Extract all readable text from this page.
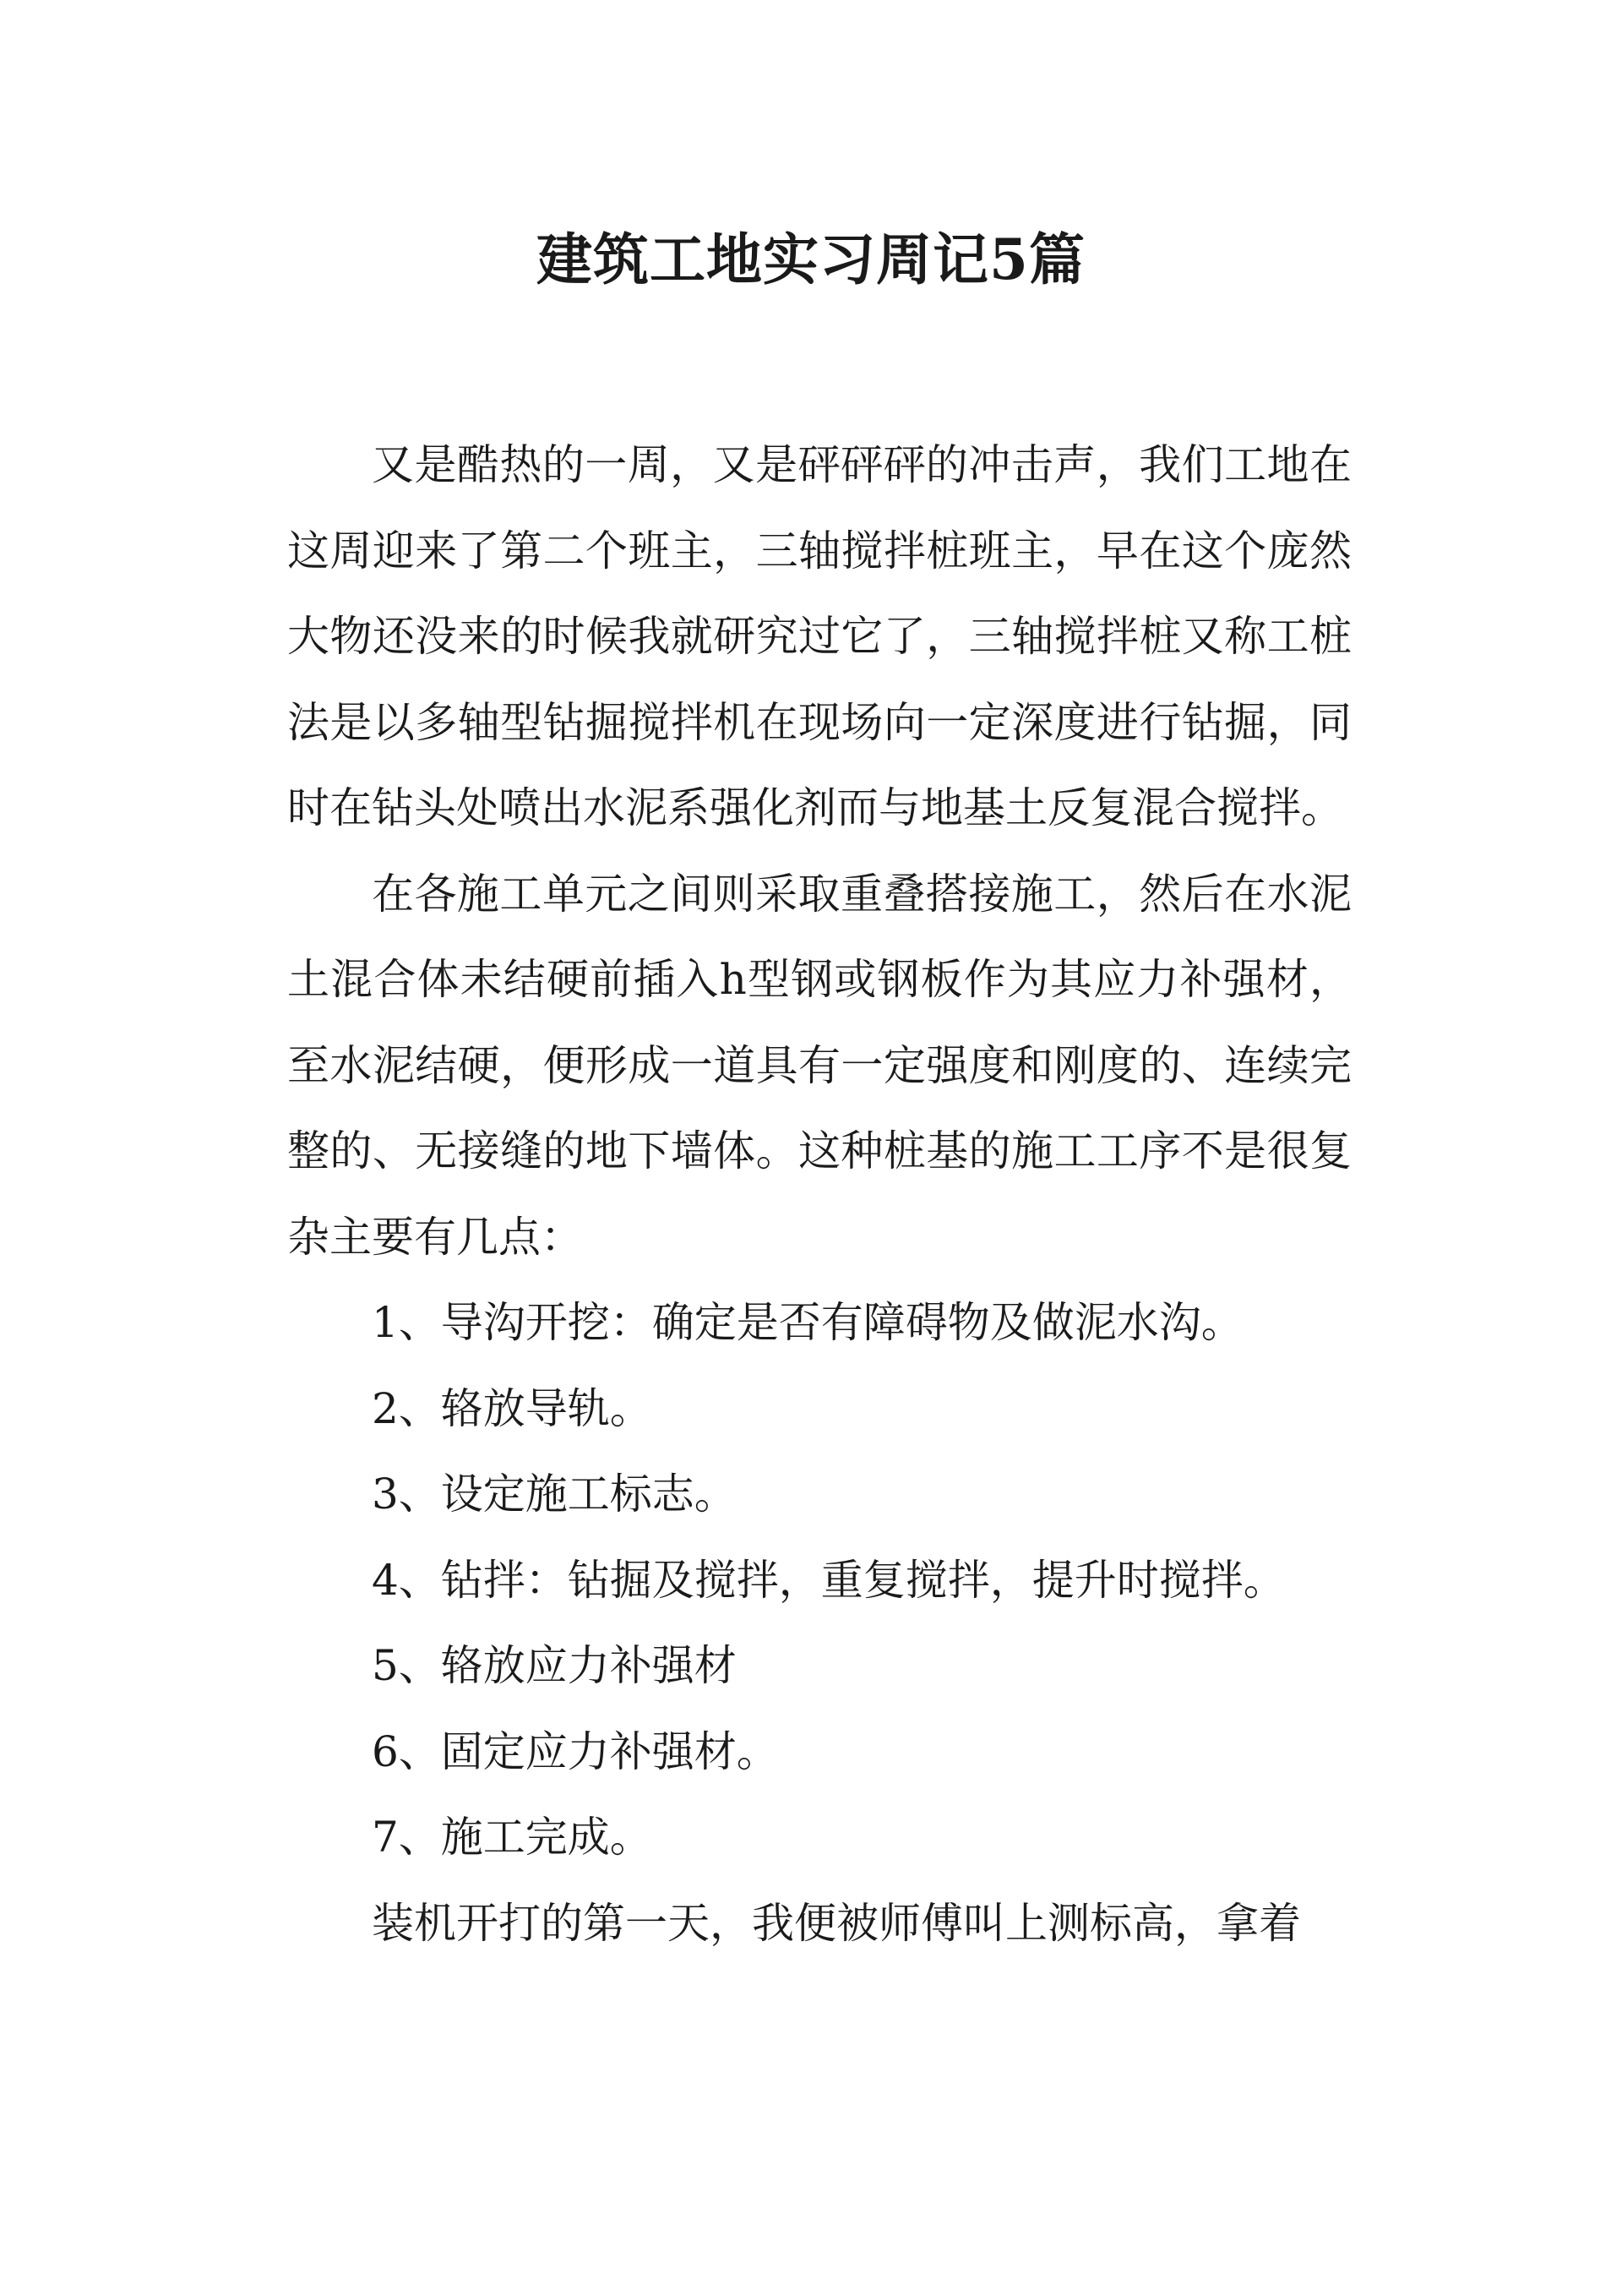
建筑工地实习周记5篇

又是酷热的一周，又是砰砰砰的冲击声，我们工地在这周迎来了第二个班主，三轴搅拌桩班主，早在这个庞然大物还没来的时候我就研究过它了，三轴搅拌桩又称工桩法是以多轴型钻掘搅拌机在现场向一定深度进行钻掘，同时在钻头处喷出水泥系强化剂而与地基土反复混合搅拌。

在各施工单元之间则采取重叠搭接施工，然后在水泥土混合体未结硬前插入h型钢或钢板作为其应力补强材，至水泥结硬，便形成一道具有一定强度和刚度的、连续完整的、无接缝的地下墙体。这种桩基的施工工序不是很复杂主要有几点：

1、导沟开挖：确定是否有障碍物及做泥水沟。

2、辂放导轨。

3、设定施工标志。

4、钻拌：钻掘及搅拌，重复搅拌，提升时搅拌。

5、辂放应力补强材

6、固定应力补强材。

7、施工完成。

装机开打的第一天，我便被师傅叫上测标高，拿着
